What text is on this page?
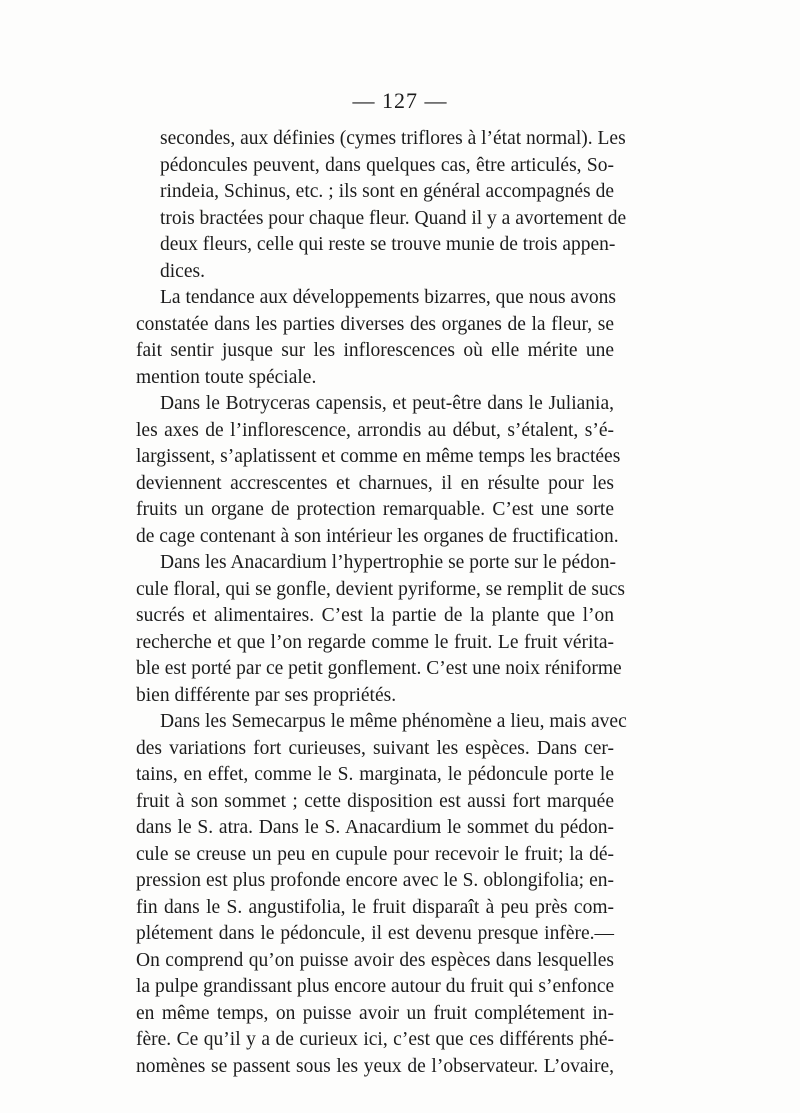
— 127 —

secondes, aux définies (cymes triflores à l’état normal). Les
pédoncules peuvent, dans quelques cas, être articulés, So-
rindeia, Schinus, etc. ; ils sont en général accompagnés de
trois bractées pour chaque fleur. Quand il y a avortement de
deux fleurs, celle qui reste se trouve munie de trois appen-
dices.

La tendance aux développements bizarres, que nous avons
constatée dans les parties diverses des organes de la fleur, se
fait sentir jusque sur les inflorescences où elle mérite une
mention toute spéciale.

Dans le Botryceras capensis, et peut-être dans le Juliania,
les axes de l’inflorescence, arrondis au début, s’étalent, s’é-
largissent, s’aplatissent et comme en même temps les bractées
deviennent accrescentes et charnues, il en résulte pour les
fruits un organe de protection remarquable. C’est une sorte
de cage contenant à son intérieur les organes de fructification.

Dans les Anacardium l’hypertrophie se porte sur le pédon-
cule floral, qui se gonfle, devient pyriforme, se remplit de sucs
sucrés et alimentaires. C’est la partie de la plante que l’on
recherche et que l’on regarde comme le fruit. Le fruit vérita-
ble est porté par ce petit gonflement. C’est une noix réniforme
bien différente par ses propriétés.

Dans les Semecarpus le même phénomène a lieu, mais avec
des variations fort curieuses, suivant les espèces. Dans cer-
tains, en effet, comme le S. marginata, le pédoncule porte le
fruit à son sommet ; cette disposition est aussi fort marquée
dans le S. atra. Dans le S. Anacardium le sommet du pédon-
cule se creuse un peu en cupule pour recevoir le fruit; la dé-
pression est plus profonde encore avec le S. oblongifolia; en-
fin dans le S. angustifolia, le fruit disparaît à peu près com-
plétement dans le pédoncule, il est devenu presque infère.—
On comprend qu’on puisse avoir des espèces dans lesquelles
la pulpe grandissant plus encore autour du fruit qui s’enfonce
en même temps, on puisse avoir un fruit complétement in-
fère. Ce qu’il y a de curieux ici, c’est que ces différents phé-
nomènes se passent sous les yeux de l’observateur. L’ovaire,
